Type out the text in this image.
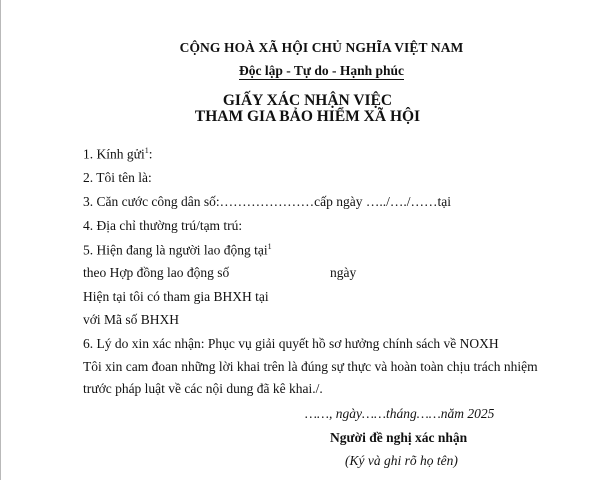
CỘNG HOÀ XÃ HỘI CHỦ NGHĨA VIỆT NAM
Độc lập - Tự do - Hạnh phúc
GIẤY XÁC NHẬN VIỆC
THAM GIA BẢO HIỂM XÃ HỘI
1. Kính gửi$^1$:
2. Tôi tên là:
3. Căn cước công dân số:…………………cấp ngày …../…./……tại
4. Địa chỉ thường trú/tạm trú:
5. Hiện đang là người lao động tại$^1$
theo Hợp đồng lao động số	ngày
Hiện tại tôi có tham gia BHXH tại
với Mã số BHXH
6. Lý do xin xác nhận: Phục vụ giải quyết hồ sơ hưởng chính sách về NOXH
Tôi xin cam đoan những lời khai trên là đúng sự thực và hoàn toàn chịu trách nhiệm
trước pháp luật về các nội dung đã kê khai./.
……, ngày……tháng……năm 2025
Người đề nghị xác nhận
(Ký và ghi rõ họ tên)
